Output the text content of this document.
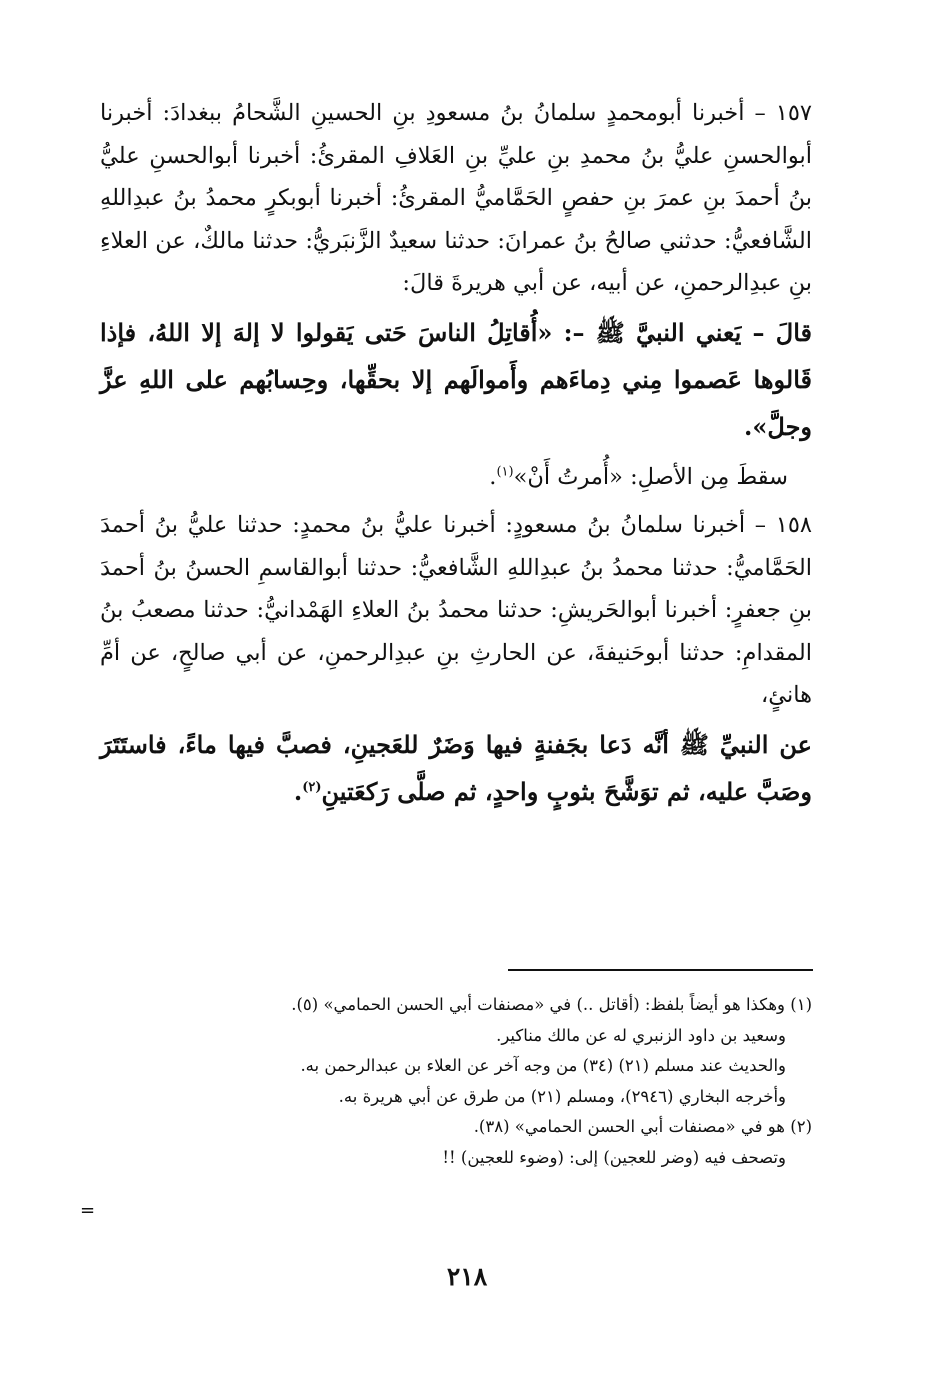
١٥٧ – أخبرنا أبومحمدٍ سلمانُ بنُ مسعودِ بنِ الحسينِ الشَّحامُ ببغدادَ: أخبرنا أبوالحسنِ عليُّ بنُ محمدِ بنِ عليِّ بنِ العَلافِ المقرئُ: أخبرنا أبوالحسنِ عليُّ بنُ أحمدَ بنِ عمرَ بنِ حفصٍ الحَمَّاميُّ المقرئُ: أخبرنا أبوبكرٍ محمدُ بنُ عبدِاللهِ الشَّافعيُّ: حدثني صالحُ بنُ عمرانَ: حدثنا سعيدٌ الزَّنبَريُّ: حدثنا مالكٌ، عن العلاءِ بنِ عبدِالرحمنِ، عن أبيه، عن أبي هريرةَ قالَ:

قالَ – يَعني النبيَّ ﷺ –: «أُقاتِلُ الناسَ حَتى يَقولوا لا إلهَ إلا اللهُ، فإذا قَالوها عَصموا مِني دِماءَهم وأَموالَهم إلا بحقِّها، وحِسابُهم على اللهِ عزَّ وجلَّ».

سقطَ مِن الأصلِ: «أُمرتُ أَنْ»$^{(١)}$.

١٥٨ – أخبرنا سلمانُ بنُ مسعودٍ: أخبرنا عليُّ بنُ محمدٍ: حدثنا عليُّ بنُ أحمدَ الحَمَّاميُّ: حدثنا محمدُ بنُ عبدِاللهِ الشَّافعيُّ: حدثنا أبوالقاسمِ الحسنُ بنُ أحمدَ بنِ جعفرٍ: أخبرنا أبوالحَريشِ: حدثنا محمدُ بنُ العلاءِ الهَمْدانيُّ: حدثنا مصعبُ بنُ المقدامِ: حدثنا أبوحَنيفةَ، عن الحارثِ بنِ عبدِالرحمنِ، عن أبي صالحٍ، عن أمِّ هانئٍ،

عن النبيِّ ﷺ أنَّه دَعا بجَفنةٍ فيها وَضَرٌ للعَجينِ، فصبَّ فيها ماءً، فاستَتَرَ وصَبَّ عليه، ثم توَشَّحَ بثوبٍ واحدٍ، ثم صلَّى رَكعَتينِ$^{(٢)}$.

(١) وهكذا هو أيضاً بلفظ: (أقاتل ..) في «مصنفات أبي الحسن الحمامي» (٥).

وسعيد بن داود الزنبري له عن مالك مناكير.

والحديث عند مسلم (٢١) (٣٤) من وجه آخر عن العلاء بن عبدالرحمن به.

وأخرجه البخاري (٢٩٤٦)، ومسلم (٢١) من طرق عن أبي هريرة به.

(٢) هو في «مصنفات أبي الحسن الحمامي» (٣٨).

وتصحف فيه (وضر للعجين) إلى: (وضوء للعجين) !!

=
٢١٨
